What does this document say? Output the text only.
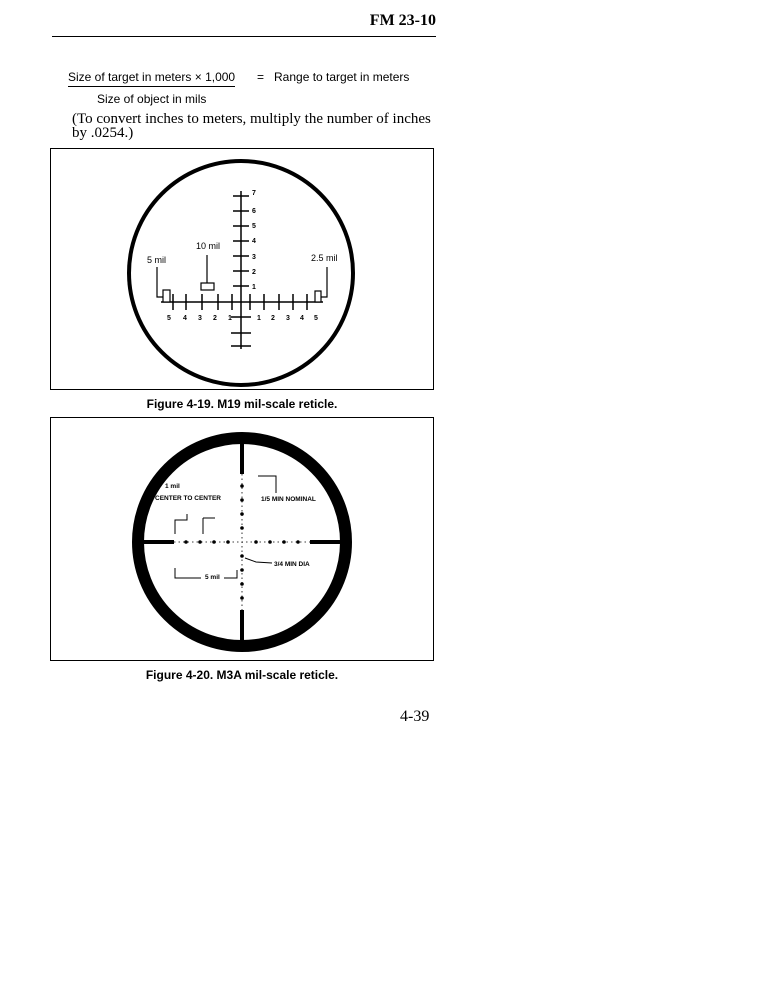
FM 23-10
Size of target in meters × 1,000 = Range to target in meters
Size of object in mils
(To convert inches to meters, multiply the number of inches by .0254.)
7
6
5
4
3
2
1
5 mil
10 mil
2.5 mil
5 4 3 2 1	1 2 3 4 5
Figure 4-19. M19 mil-scale reticle.
1 mil
CENTER TO CENTER	1/5 MIN NOMINAL
3/4 MIN DIA
5 mil
Figure 4-20. M3A mil-scale reticle.
4-39
